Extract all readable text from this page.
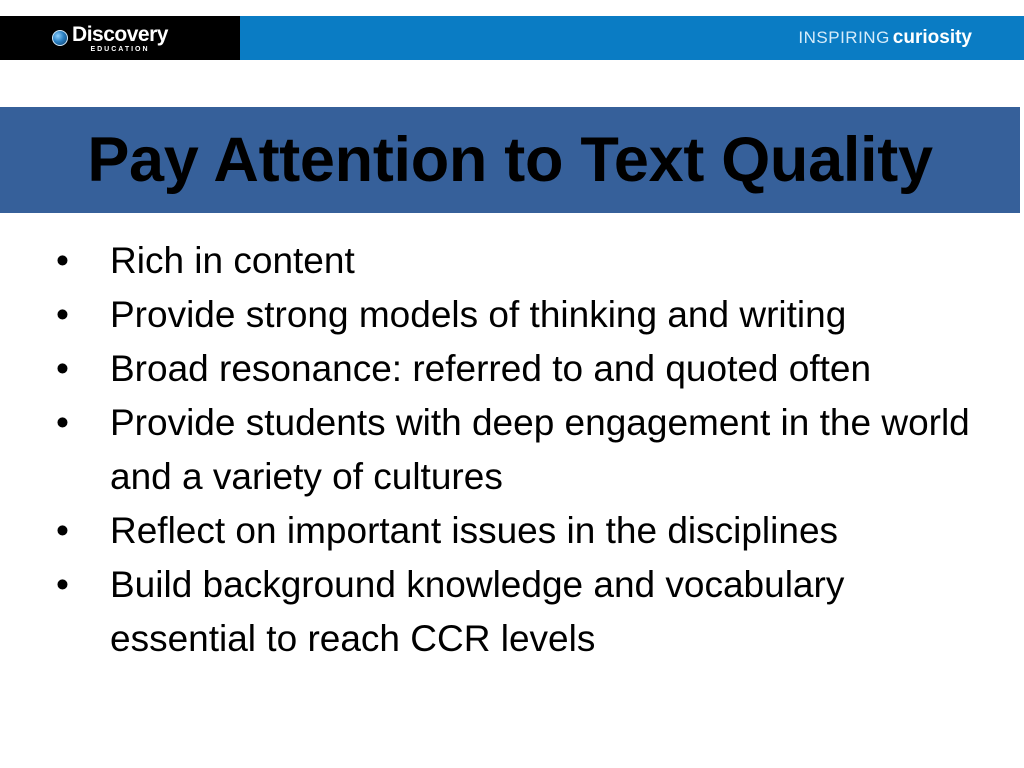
Discovery
EDUCATION
INSPIRING curiosity
Pay Attention to Text Quality
• Rich in content
• Provide strong models of thinking and writing
• Broad resonance: referred to and quoted often
• Provide students with deep engagement in the world and a variety of cultures
• Reflect on important issues in the disciplines
• Build background knowledge and vocabulary essential to reach CCR levels
